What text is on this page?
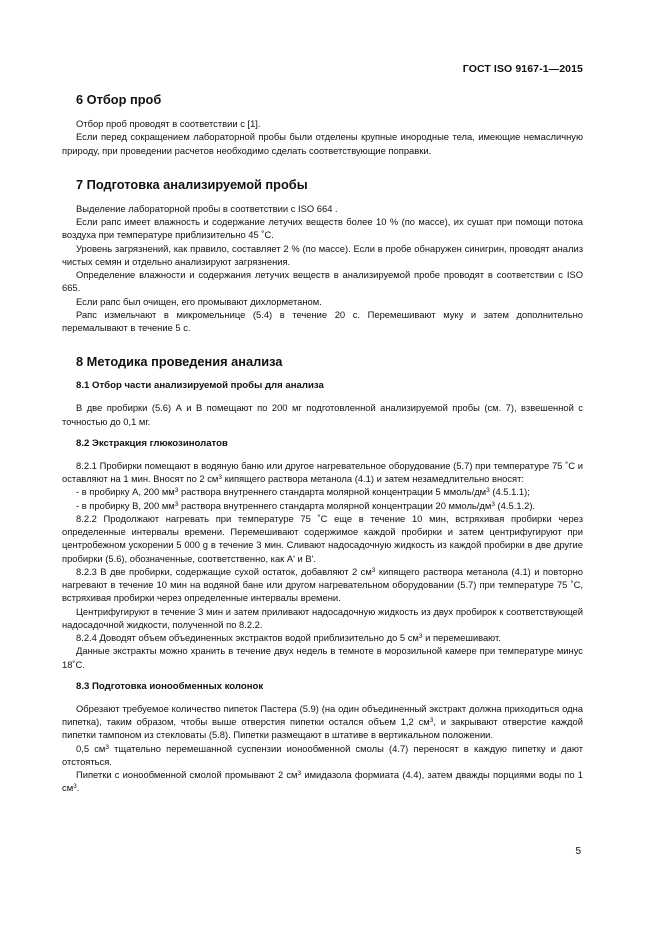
ГОСТ ISO 9167-1—2015
6 Отбор проб

Отбор проб проводят в соответствии с [1].

Если перед сокращением лабораторной пробы были отделены крупные инородные тела, имеющие немасличную природу, при проведении расчетов необходимо сделать соответствующие поправки.

7 Подготовка анализируемой пробы

Выделение лабораторной пробы в соответствии с ISO 664 .

Если рапс имеет влажность и содержание летучих веществ более 10 % (по массе), их сушат при помощи потока воздуха при температуре приблизительно 45 ˚С.

Уровень загрязнений, как правило, составляет 2 % (по массе). Если в пробе обнаружен синигрин, проводят анализ чистых семян и отдельно анализируют загрязнения.

Определение влажности и содержания летучих веществ в анализируемой пробе проводят в соответствии с ISO 665.

Если рапс был очищен, его промывают дихлорметаном.

Рапс измельчают в микромельнице (5.4) в течение 20 с. Перемешивают муку и затем дополнительно перемалывают в течение 5 с.

8 Методика проведения анализа
8.1 Отбор части анализируемой пробы для анализа

В две пробирки (5.6) А и В помещают по 200 мг подготовленной анализируемой пробы (см. 7), взвешенной с точностью до 0,1 мг.

8.2 Экстракция глюкозинолатов

8.2.1 Пробирки помещают в водяную баню или другое нагревательное оборудование (5.7) при температуре 75 ˚С и оставляют на 1 мин. Вносят по 2 $см^3$ кипящего раствора метанола (4.1) и затем незамедлительно вносят:

- в пробирку А, 200 $мм^3$ раствора внутреннего стандарта молярной концентрации 5 ммоль/$дм^3$ (4.5.1.1);

- в пробирку В, 200 $мм^3$ раствора внутреннего стандарта молярной концентрации 20 ммоль/$дм^3$ (4.5.1.2).

8.2.2 Продолжают нагревать при температуре 75 ˚С еще в течение 10 мин, встряхивая пробирки через определенные интервалы времени. Перемешивают содержимое каждой пробирки и затем центрифугируют при центробежном ускорении 5 000 g в течение 3 мин. Сливают надосадочную жидкость из каждой пробирки в две другие пробирки (5.6), обозначенные, соответственно, как А' и В'.

8.2.3 В две пробирки, содержащие сухой остаток, добавляют 2 $см^3$ кипящего раствора метанола (4.1) и повторно нагревают в течение 10 мин на водяной бане или другом нагревательном оборудовании (5.7) при температуре 75 ˚С, встряхивая пробирки через определенные интервалы времени.

Центрифугируют в течение 3 мин и затем приливают надосадочную жидкость из двух пробирок к соответствующей надосадочной жидкости, полученной по 8.2.2.

8.2.4 Доводят объем объединенных экстрактов водой приблизительно до 5 $см^3$ и перемешивают.

Данные экстракты можно хранить в течение двух недель в темноте в морозильной камере при температуре минус 18˚С.

8.3 Подготовка ионообменных колонок

Обрезают требуемое количество пипеток Пастера (5.9) (на один объединенный экстракт должна приходиться одна пипетка), таким образом, чтобы выше отверстия пипетки остался объем 1,2 $см^3$, и закрывают отверстие каждой пипетки тампоном из стекловаты (5.8). Пипетки размещают в штативе в вертикальном положении.

0,5 $см^3$ тщательно перемешанной суспензии ионообменной смолы (4.7) переносят в каждую пипетку и дают отстояться.

Пипетки с ионообменной смолой промывают 2 $см^3$ имидазола формиата (4.4), затем дважды порциями воды по 1 $см^3$.

5
